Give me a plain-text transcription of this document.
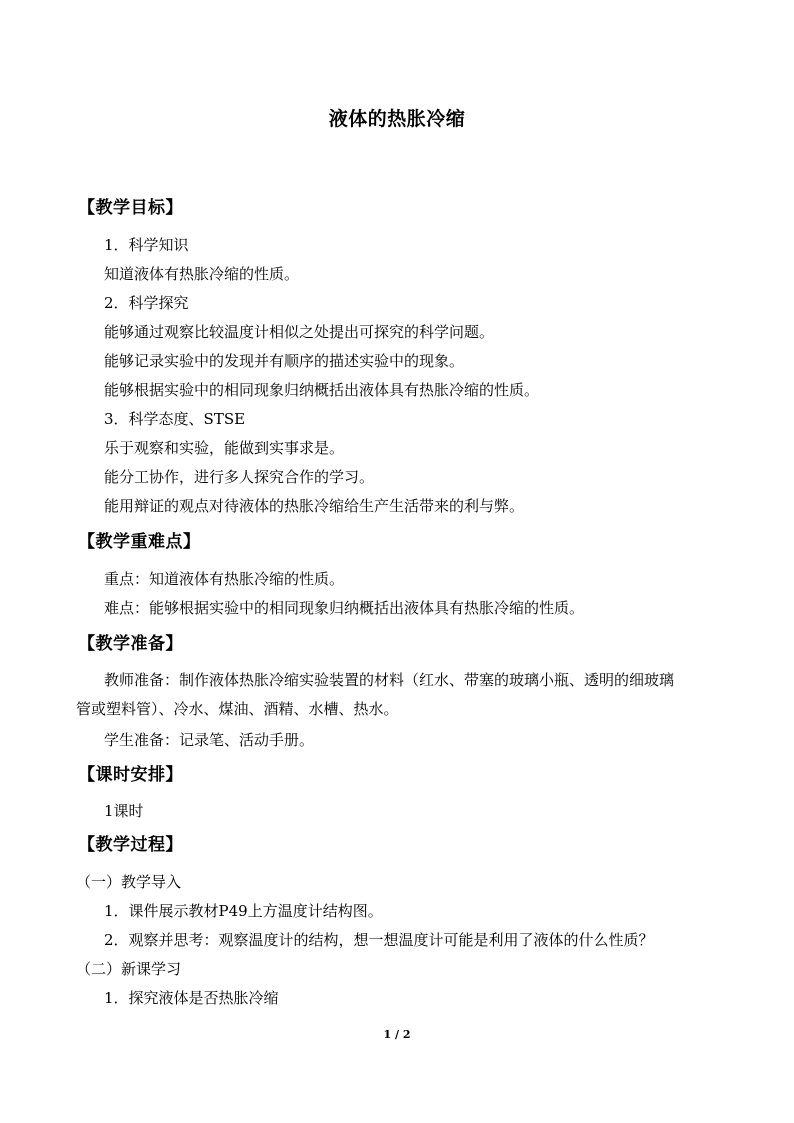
液体的热胀冷缩
【教学目标】
1．科学知识
知道液体有热胀冷缩的性质。
2．科学探究
能够通过观察比较温度计相似之处提出可探究的科学问题。
能够记录实验中的发现并有顺序的描述实验中的现象。
能够根据实验中的相同现象归纳概括出液体具有热胀冷缩的性质。
3．科学态度、STSE
乐于观察和实验，能做到实事求是。
能分工协作，进行多人探究合作的学习。
能用辩证的观点对待液体的热胀冷缩给生产生活带来的利与弊。
【教学重难点】
重点：知道液体有热胀冷缩的性质。
难点：能够根据实验中的相同现象归纳概括出液体具有热胀冷缩的性质。
【教学准备】
教师准备：制作液体热胀冷缩实验装置的材料（红水、带塞的玻璃小瓶、透明的细玻璃
管或塑料管）、冷水、煤油、酒精、水槽、热水。
学生准备：记录笔、活动手册。
【课时安排】
1课时
【教学过程】
（一）教学导入
1．课件展示教材P49上方温度计结构图。
2．观察并思考：观察温度计的结构，想一想温度计可能是利用了液体的什么性质？
（二）新课学习
1．探究液体是否热胀冷缩
1 / 2
